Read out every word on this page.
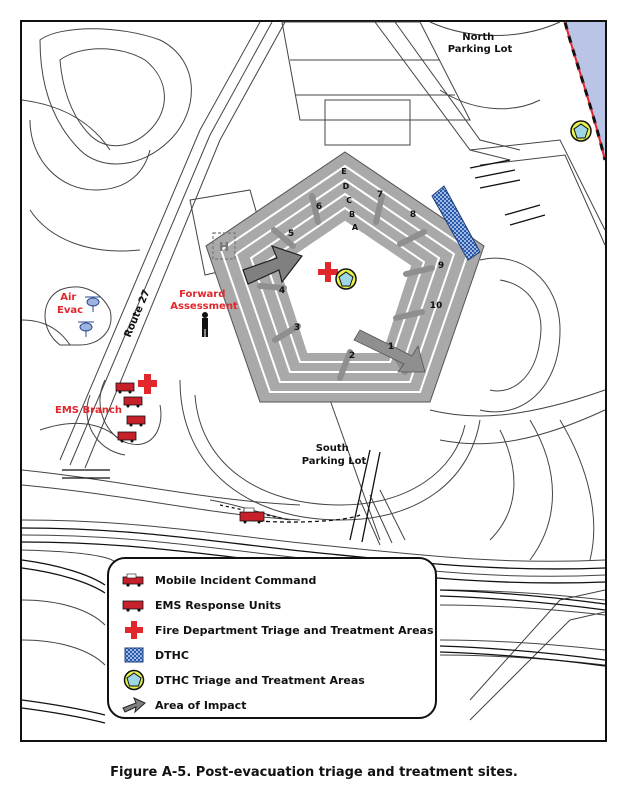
A
B
C
D
E
1
2
3
4
5
6
7
8
9
10
H
North Parking Lot
South Parking Lot
Route 27
Air Evac
Forward Assessment
EMS Branch
Mobile Incident Command
EMS Response Units
Fire Department Triage and Treatment Areas
DTHC
DTHC Triage and Treatment Areas
Area of Impact
Figure A-5. Post-evacuation triage and treatment sites.
